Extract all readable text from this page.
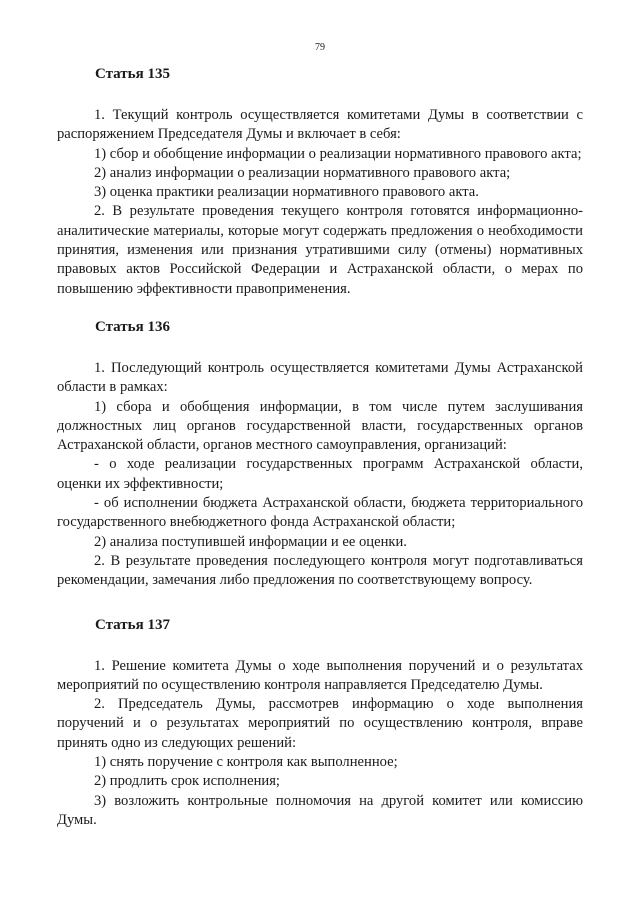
79
Статья 135

1. Текущий контроль осуществляется комитетами Думы в соответствии с распоряжением Председателя Думы и включает в себя:

1) сбор и обобщение информации о реализации нормативного правового акта;

2) анализ информации о реализации нормативного правового акта;

3) оценка практики реализации нормативного правового акта.

2. В результате проведения текущего контроля готовятся информационно-аналитические материалы, которые могут содержать предложения о необходимости принятия, изменения или признания утратившими силу (отмены) нормативных правовых актов Российской Федерации и Астраханской области, о мерах по повышению эффективности правоприменения.

Статья 136

1. Последующий контроль осуществляется комитетами Думы Астраханской области в рамках:

1) сбора и обобщения информации, в том числе путем заслушивания должностных лиц органов государственной власти, государственных органов Астраханской области, органов местного самоуправления, организаций:

- о ходе реализации государственных программ Астраханской области, оценки их эффективности;

- об исполнении бюджета Астраханской области, бюджета территориального государственного внебюджетного фонда Астраханской области;

2) анализа поступившей информации и ее оценки.

2. В результате проведения последующего контроля могут подготавливаться рекомендации, замечания либо предложения по соответствующему вопросу.

Статья 137

1. Решение комитета Думы о ходе выполнения поручений и о результатах мероприятий по осуществлению контроля направляется Председателю Думы.

2. Председатель Думы, рассмотрев информацию о ходе выполнения поручений и о результатах мероприятий по осуществлению контроля, вправе принять одно из следующих решений:

1) снять поручение с контроля как выполненное;

2) продлить срок исполнения;

3) возложить контрольные полномочия на другой комитет или комиссию Думы.
